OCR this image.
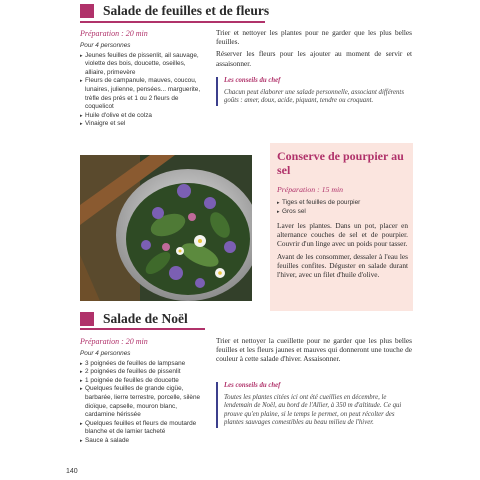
Salade de feuilles et de fleurs
Préparation : 20 min
Pour 4 personnes
▸ Jeunes feuilles de pissenlit, ail sauvage, violette des bois, doucette, oseilles, alliaire, primevère
▸ Fleurs de campanule, mauves, coucou, lunaires, julienne, pensées... marguerite, trèfle des prés et 1 ou 2 fleurs de coquelicot
▸ Huile d'olive et de colza
▸ Vinaigre et sel

Trier et nettoyer les plantes pour ne garder que les plus belles feuilles.

Réserver les fleurs pour les ajouter au moment de servir et assaisonner.

Les conseils du chef
Chacun peut élaborer une salade personnelle, associant différents goûts : amer, doux, acide, piquant, tendre ou croquant.
Conserve de pourpier au sel
Préparation : 15 min
▸ Tiges et feuilles de pourpier
▸ Gros sel

Laver les plantes. Dans un pot, placer en alternance couches de sel et de pourpier. Couvrir d'un linge avec un poids pour tasser.

Avant de les consommer, dessaler à l'eau les feuilles confites. Déguster en salade durant l'hiver, avec un filet d'huile d'olive.

Salade de Noël
Préparation : 20 min
Pour 4 personnes
▸ 3 poignées de feuilles de lampsane
▸ 2 poignées de feuilles de pissenlit
▸ 1 poignée de feuilles de doucette
▸ Quelques feuilles de grande cigüe, barbarée, lierre terrestre, porcelle, silène dioïque, capselle, mouron blanc, cardamine hérissée
▸ Quelques feuilles et fleurs de moutarde blanche et de lamier tacheté
▸ Sauce à salade

Trier et nettoyer la cueillette pour ne garder que les plus belles feuilles et les fleurs jaunes et mauves qui donneront une touche de couleur à cette salade d'hiver. Assaisonner.

Les conseils du chef
Toutes les plantes citées ici ont été cueillies en décembre, le lendemain de Noël, au bord de l'Allier, à 350 m d'altitude. Ce qui prouve qu'en plaine, si le temps le permet, on peut récolter des plantes sauvages comestibles au beau milieu de l'hiver.
140
